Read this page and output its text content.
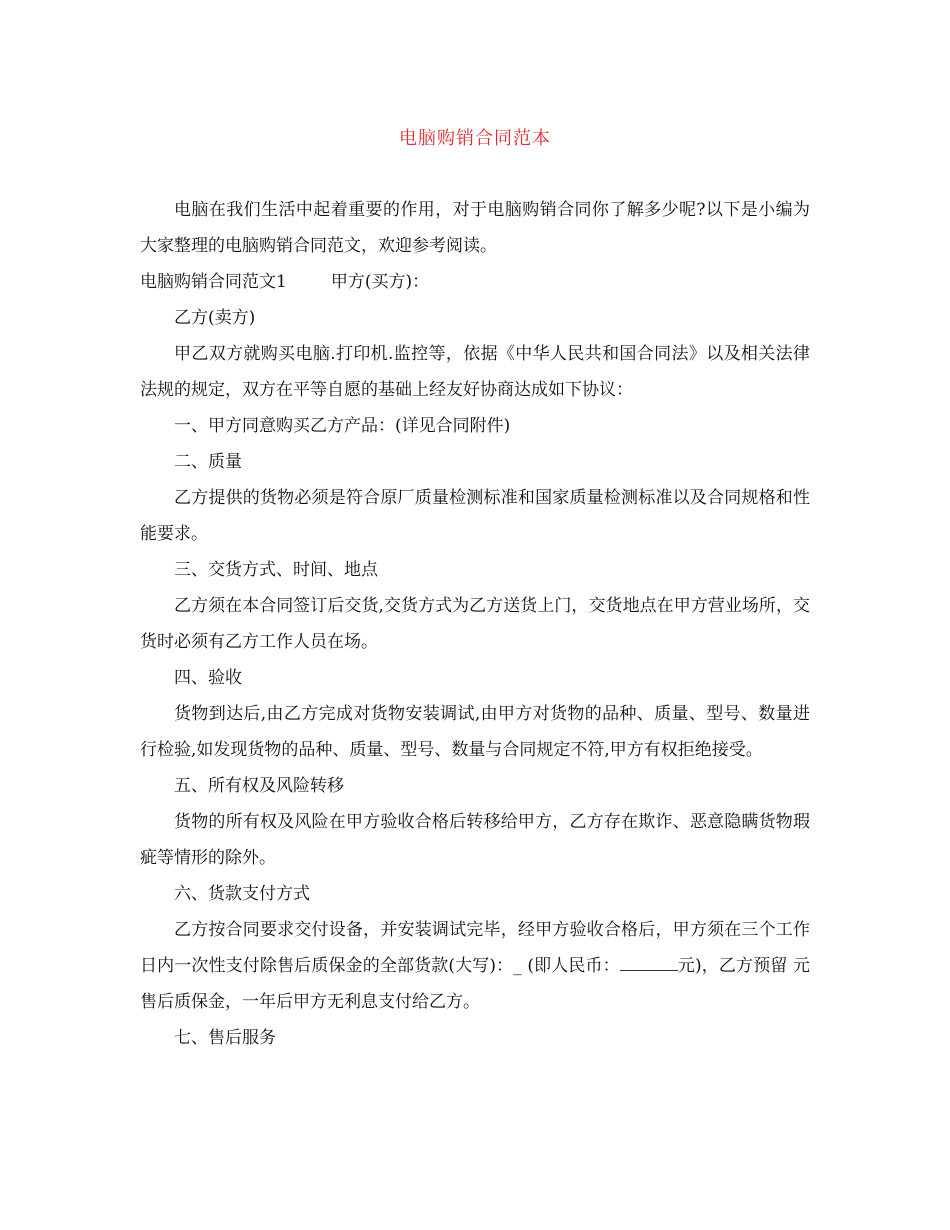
电脑购销合同范本

电脑在我们生活中起着重要的作用，对于电脑购销合同你了解多少呢?以下是小编为大家整理的电脑购销合同范文，欢迎参考阅读。

电脑购销合同范文1	甲方(买方)：

乙方(卖方)

甲乙双方就购买电脑.打印机.监控等，依据《中华人民共和国合同法》以及相关法律法规的规定，双方在平等自愿的基础上经友好协商达成如下协议：

一、甲方同意购买乙方产品：(详见合同附件)

二、质量

乙方提供的货物必须是符合原厂质量检测标准和国家质量检测标准以及合同规格和性能要求。

三、交货方式、时间、地点

乙方须在本合同签订后交货,交货方式为乙方送货上门，交货地点在甲方营业场所，交货时必须有乙方工作人员在场。

四、验收

货物到达后,由乙方完成对货物安装调试,由甲方对货物的品种、质量、型号、数量进行检验,如发现货物的品种、质量、型号、数量与合同规定不符,甲方有权拒绝接受。

五、所有权及风险转移

货物的所有权及风险在甲方验收合格后转移给甲方，乙方存在欺诈、恶意隐瞒货物瑕疵等情形的除外。

六、货款支付方式

乙方按合同要求交付设备，并安装调试完毕，经甲方验收合格后，甲方须在三个工作日内一次性支付除售后质保金的全部货款(大写)：_ (即人民币：	元)，乙方预留 元售后质保金，一年后甲方无利息支付给乙方。

七、售后服务
